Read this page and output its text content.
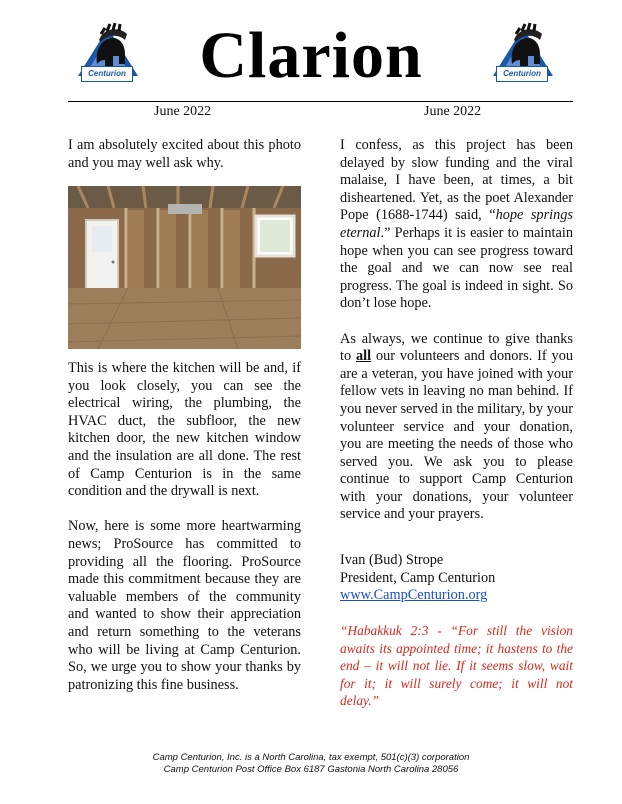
Centurion	Centurion
Clarion
June 2022	June 2022

I am absolutely excited about this photo and you may well ask why.

This is where the kitchen will be and, if you look closely, you can see the electrical wiring, the plumbing, the HVAC duct, the subfloor, the new kitchen door, the new kitchen window and the insulation are all done. The rest of Camp Centurion is in the same condition and the drywall is next.

Now, here is some more heartwarming news; ProSource has committed to providing all the flooring. ProSource made this commitment because they are valuable members of the community and wanted to show their appreciation and return something to the veterans who will be living at Camp Centurion. So, we urge you to show your thanks by patronizing this fine business.

I confess, as this project has been delayed by slow funding and the viral malaise, I have been, at times, a bit disheartened. Yet, as the poet Alexander Pope (1688-1744) said, “hope springs eternal.” Perhaps it is easier to maintain hope when you can see progress toward the goal and we can now see real progress. The goal is indeed in sight. So don’t lose hope.

As always, we continue to give thanks to all our volunteers and donors. If you are a veteran, you have joined with your fellow vets in leaving no man behind. If you never served in the military, by your volunteer service and your donation, you are meeting the needs of those who served you. We ask you to please continue to support Camp Centurion with your donations, your volunteer service and your prayers.

Ivan (Bud) Strope
President, Camp Centurion
www.CampCenturion.org
“Habakkuk 2:3 - “For still the vision awaits its appointed time; it hastens to the end – it will not lie. If it seems slow, wait for it; it will surely come; it will not delay.”
Camp Centurion, Inc. is a North Carolina, tax exempt, 501(c)(3) corporation
Camp Centurion Post Office Box 6187 Gastonia North Carolina 28056
